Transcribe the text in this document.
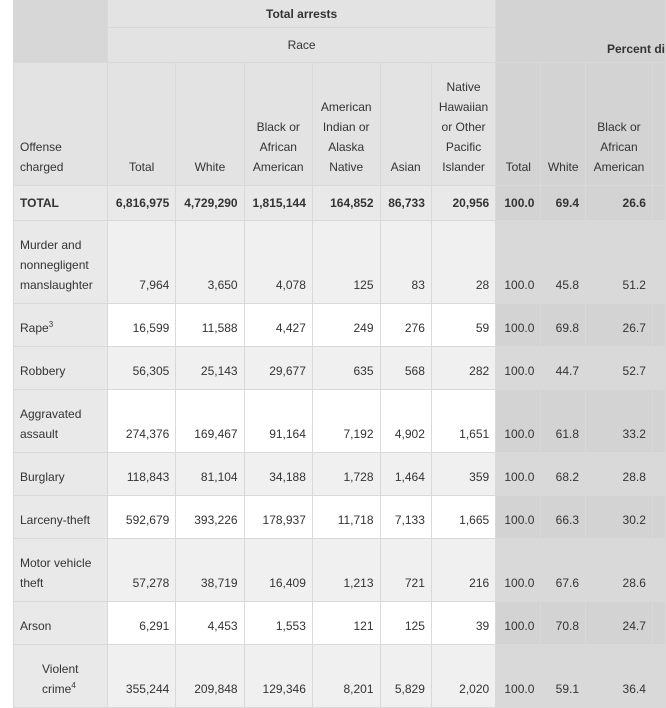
	Total arrests						Percent di			
	Race									
Offense charged	Total	White	Black or African American	American Indian or Alaska Native	Asian	Native Hawaiian or Other Pacific Islander	Total	White	Black or African American	
TOTAL	6,816,975	4,729,290	1,815,144	164,852	86,733	20,956	100.0	69.4	26.6	
Murder and nonnegligent manslaughter	7,964	3,650	4,078	125	83	28	100.0	45.8	51.2	
Rape$^3$	16,599	11,588	4,427	249	276	59	100.0	69.8	26.7	
Robbery	56,305	25,143	29,677	635	568	282	100.0	44.7	52.7	
Aggravated assault	274,376	169,467	91,164	7,192	4,902	1,651	100.0	61.8	33.2	
Burglary	118,843	81,104	34,188	1,728	1,464	359	100.0	68.2	28.8	
Larceny-theft	592,679	393,226	178,937	11,718	7,133	1,665	100.0	66.3	30.2	
Motor vehicle theft	57,278	38,719	16,409	1,213	721	216	100.0	67.6	28.6	
Arson	6,291	4,453	1,553	121	125	39	100.0	70.8	24.7	
Violent crime$^4$	355,244	209,848	129,346	8,201	5,829	2,020	100.0	59.1	36.4	
